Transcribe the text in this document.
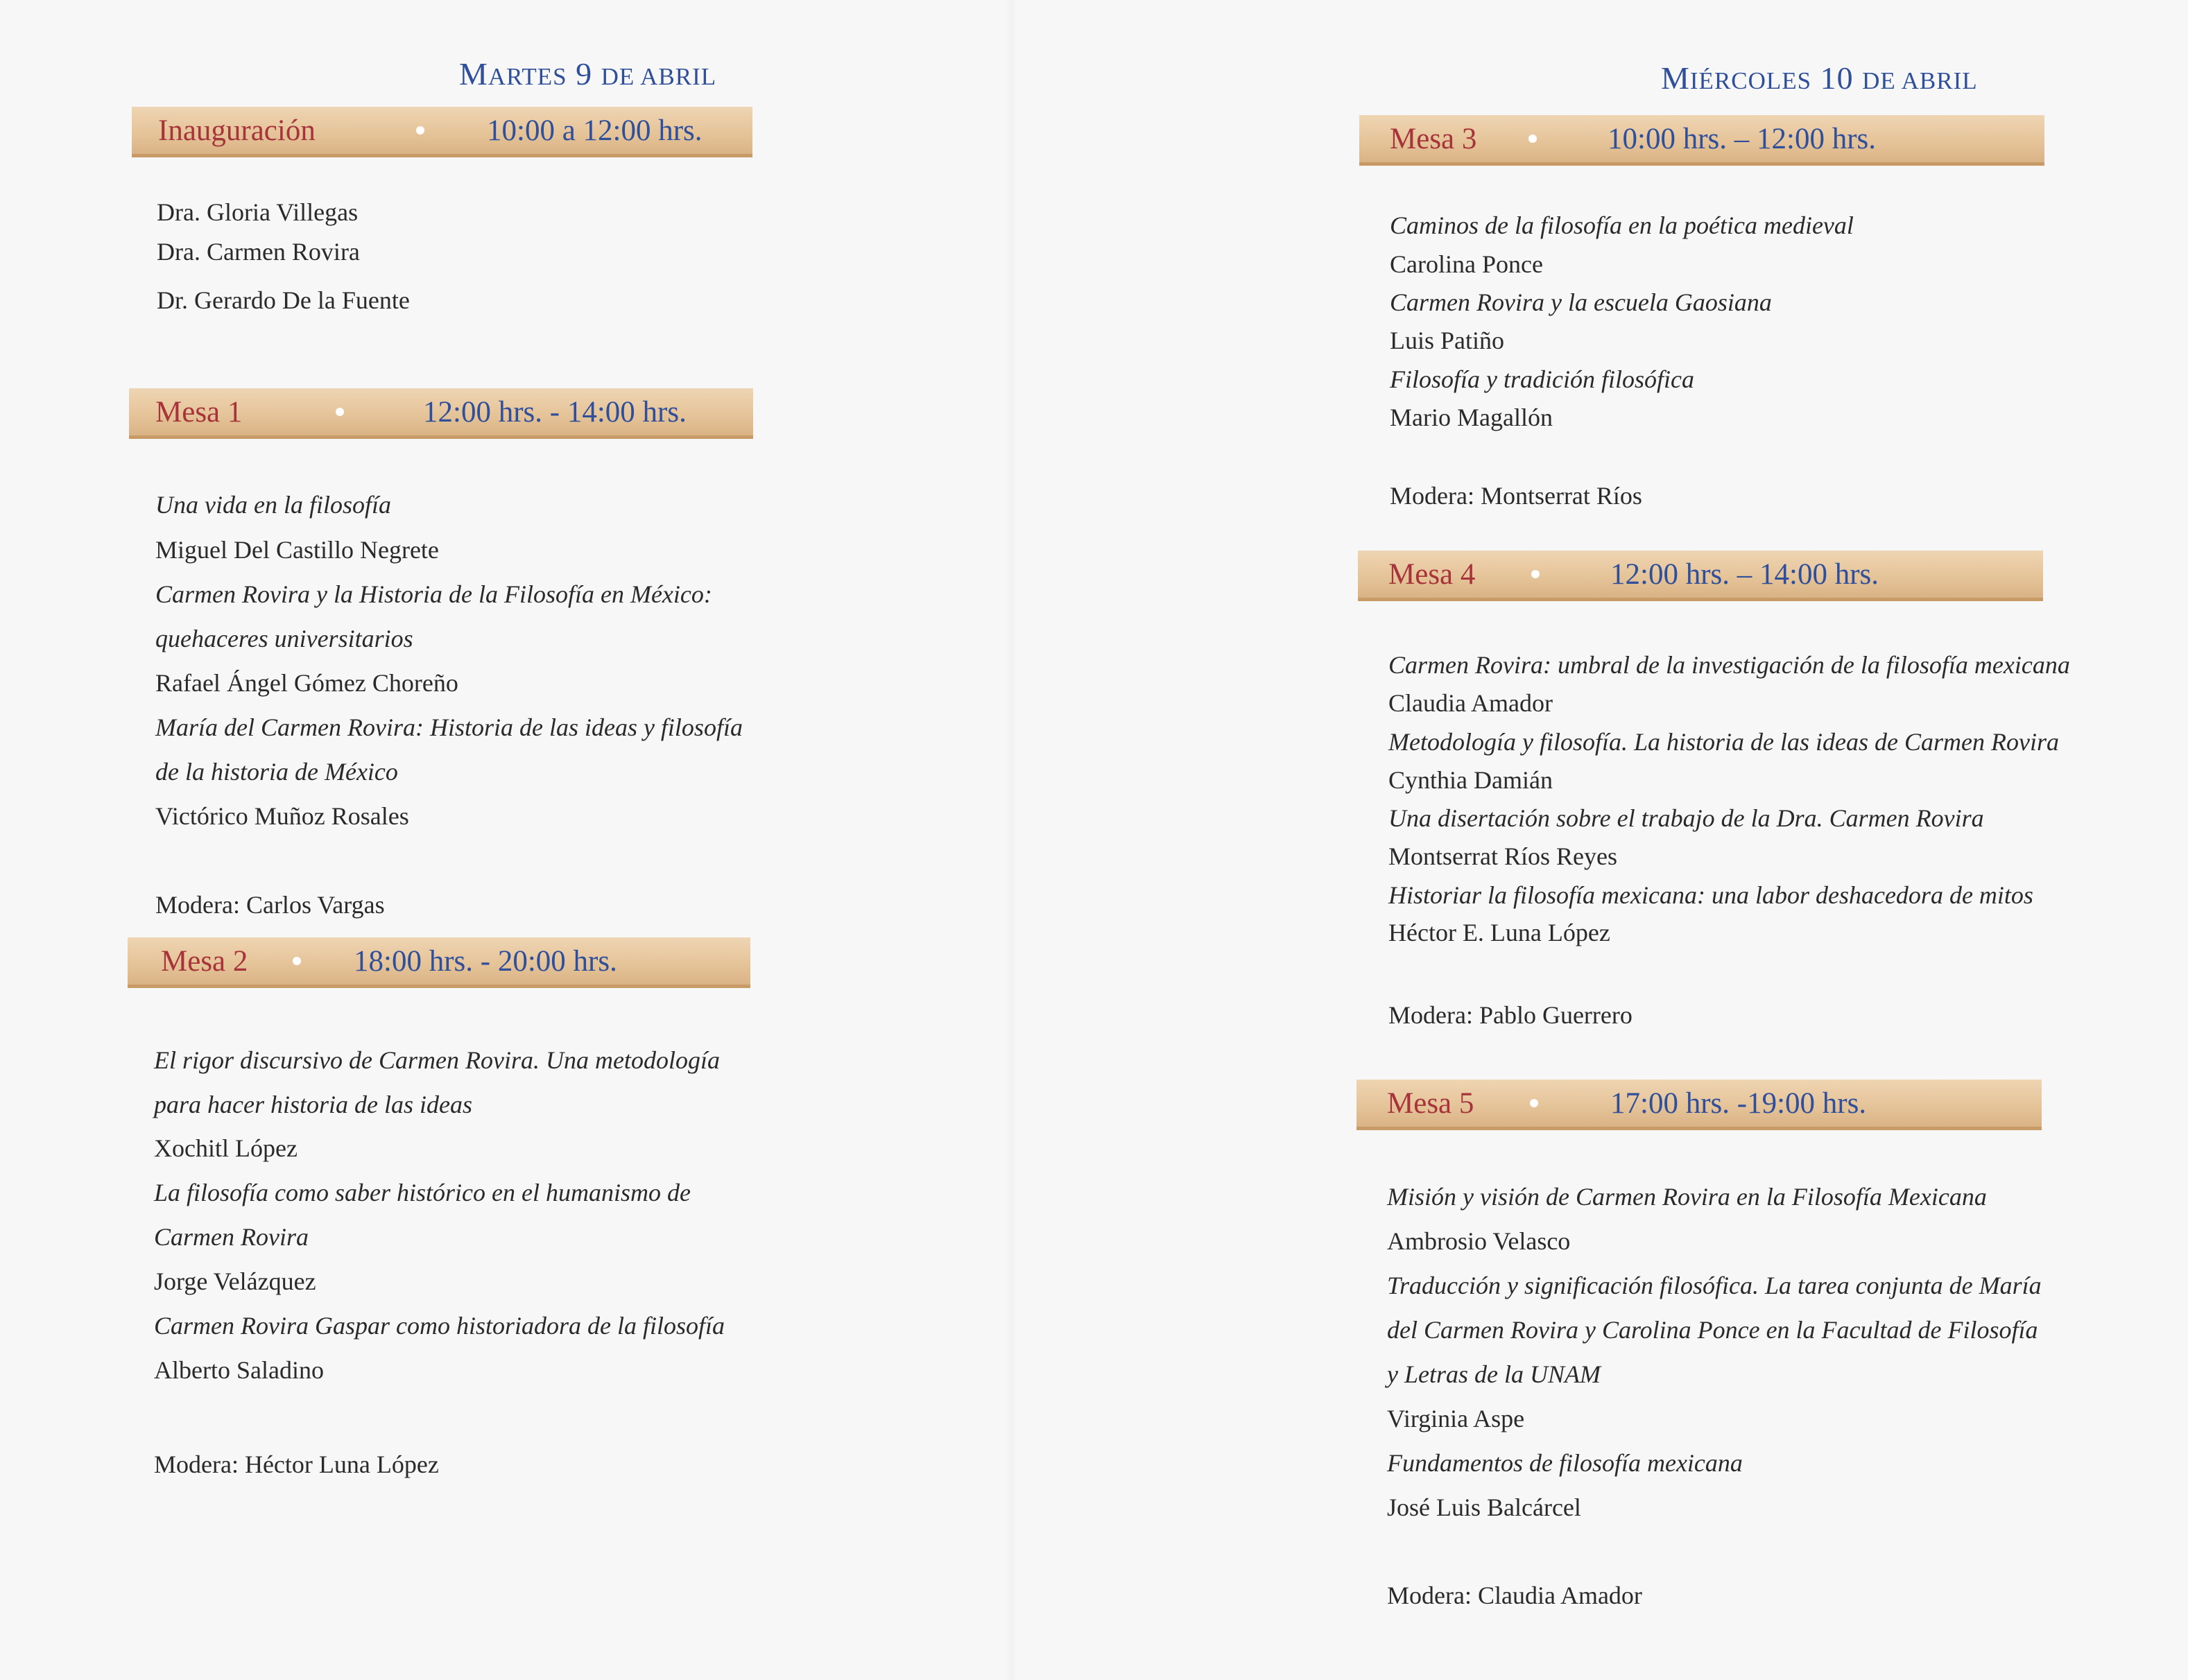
MARTES 9 DE ABRIL
Inauguración	10:00 a 12:00 hrs.
Dra. Gloria Villegas
Dra. Carmen Rovira
Dr. Gerardo De la Fuente
Mesa 1	12:00 hrs. - 14:00 hrs.
Una vida en la filosofía
Miguel Del Castillo Negrete
Carmen Rovira y la Historia de la Filosofía en México:
quehaceres universitarios
Rafael Ángel Gómez Choreño
María del Carmen Rovira: Historia de las ideas y filosofía
de la historia de México
Victórico Muñoz Rosales
Modera: Carlos Vargas
Mesa 2	18:00 hrs. - 20:00 hrs.
El rigor discursivo de Carmen Rovira. Una metodología
para hacer historia de las ideas
Xochitl López
La filosofía como saber histórico en el humanismo de
Carmen Rovira
Jorge Velázquez
Carmen Rovira Gaspar como historiadora de la filosofía
Alberto Saladino
Modera: Héctor Luna López
MIÉRCOLES 10 DE ABRIL
Mesa 3	10:00 hrs. – 12:00 hrs.
Caminos de la filosofía en la poética medieval
Carolina Ponce
Carmen Rovira y la escuela Gaosiana
Luis Patiño
Filosofía y tradición filosófica
Mario Magallón
Modera: Montserrat Ríos
Mesa 4	12:00 hrs. – 14:00 hrs.
Carmen Rovira: umbral de la investigación de la filosofía mexicana
Claudia Amador
Metodología y filosofía. La historia de las ideas de Carmen Rovira
Cynthia Damián
Una disertación sobre el trabajo de la Dra. Carmen Rovira
Montserrat Ríos Reyes
Historiar la filosofía mexicana: una labor deshacedora de mitos
Héctor E. Luna López
Modera: Pablo Guerrero
Mesa 5	17:00 hrs. -19:00 hrs.
Misión y visión de Carmen Rovira en la Filosofía Mexicana
Ambrosio Velasco
Traducción y significación filosófica. La tarea conjunta de María
del Carmen Rovira y Carolina Ponce en la Facultad de Filosofía
y Letras de la UNAM
Virginia Aspe
Fundamentos de filosofía mexicana
José Luis Balcárcel
Modera: Claudia Amador
